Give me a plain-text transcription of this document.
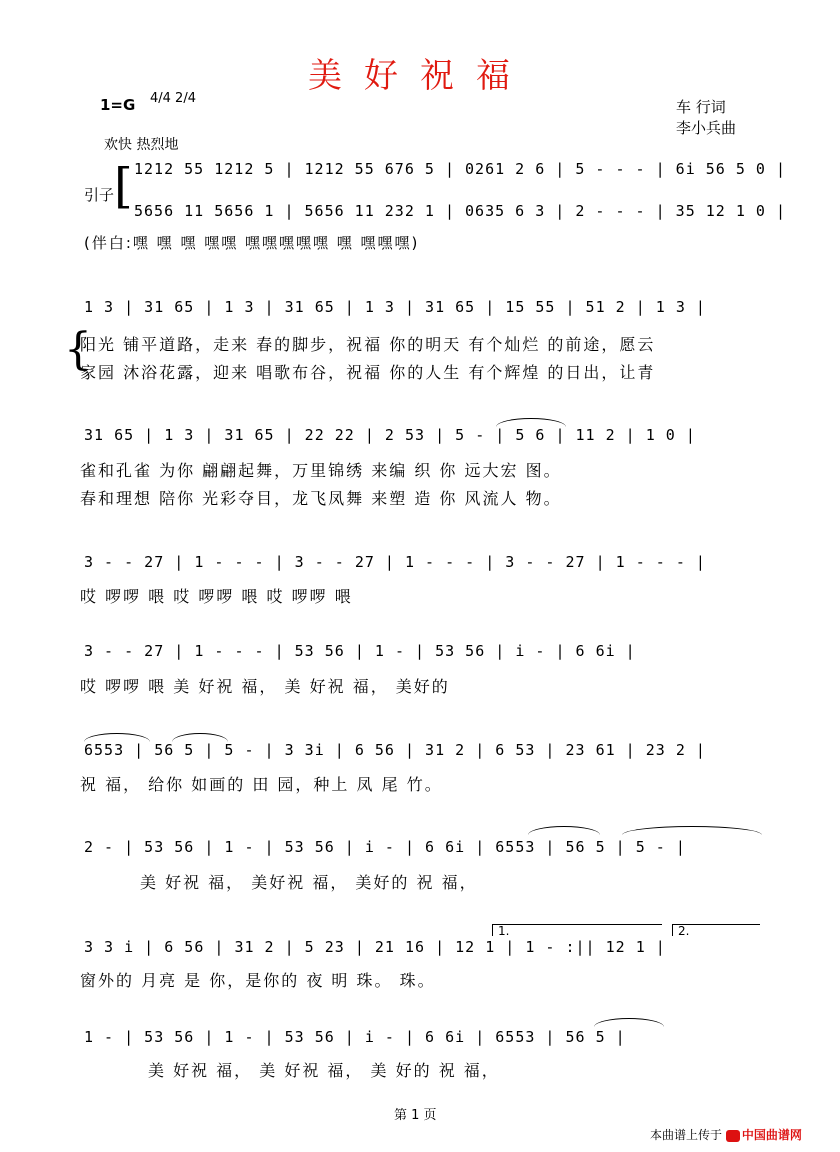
美好祝福
1=G 4/4 2/4
欢快 热烈地
车 行词
李小兵曲
引子 [ 1212 55 1212 5 | 1212 55 676 5 | 0261 2 6 | 5 - - - | 6i 56 5 0 |
5656 11 5656 1 | 5656 11 232 1 | 0635 6 3 | 2 - - - | 35 12 1 0 |
(伴白:嘿 嘿 嘿 嘿嘿 嘿嘿嘿嘿嘿 嘿 嘿嘿嘿)
1 3 | 31 65 | 1 3 | 31 65 | 1 3 | 31 65 | 15 55 | 51 2 | 1 3 |
{
阳光 铺平道路，走来 春的脚步，祝福 你的明天 有个灿烂 的前途，愿云
家园 沐浴花露，迎来 唱歌布谷，祝福 你的人生 有个辉煌 的日出，让青
31 65 | 1 3 | 31 65 | 22 22 | 2 53 | 5 - | 5 6 | 11 2 | 1 0 |
雀和孔雀 为你 翩翩起舞，万里锦绣 来编 织 你 远大宏 图。
春和理想 陪你 光彩夺目，龙飞凤舞 来塑 造 你 风流人 物。
3 - - 27 | 1 - - - | 3 - - 27 | 1 - - - | 3 - - 27 | 1 - - - |
哎 啰啰 喂 哎 啰啰 喂 哎 啰啰 喂
3 - - 27 | 1 - - - | 53 56 | 1 - | 53 56 | i - | 6 6i |
哎 啰啰 喂 美 好祝 福， 美 好祝 福， 美好的
6553 | 56 5 | 5 - | 3 3i | 6 56 | 31 2 | 6 53 | 23 61 | 23 2 |
祝 福， 给你 如画的 田 园，种上 凤 尾 竹。
2 - | 53 56 | 1 - | 53 56 | i - | 6 6i | 6553 | 56 5 | 5 - |
美 好祝 福， 美好祝 福， 美好的 祝 福，
1.	2.
3 3 i | 6 56 | 31 2 | 5 23 | 21 16 | 12 1 | 1 - :|| 12 1 |
窗外的 月亮 是 你，是你的 夜 明 珠。 珠。
1 - | 53 56 | 1 - | 53 56 | i - | 6 6i | 6553 | 56 5 |
美 好祝 福， 美 好祝 福， 美 好的 祝 福，
第 1 页
本曲谱上传于 中国曲谱网
